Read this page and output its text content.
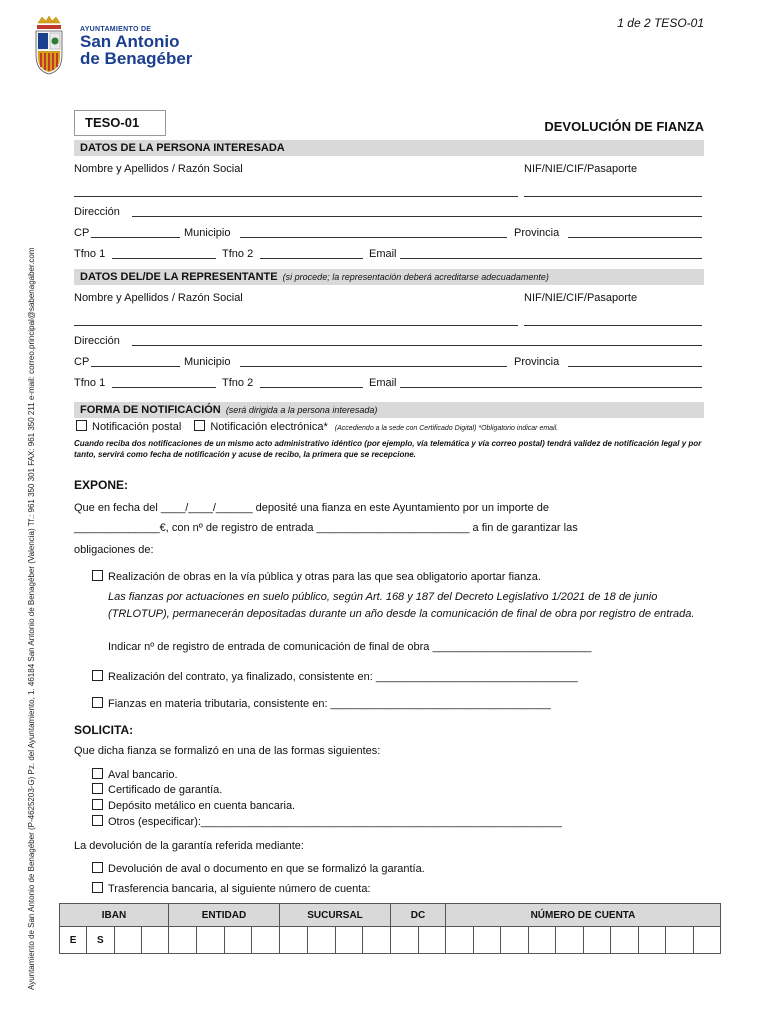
Ayuntamiento de San Antonio de Benagéber (P-4625203-G) Pz. del Ayuntamiento, 1. 46184 San Antonio de Benagéber (Valencia) Tf.: 961 350 301 FAX: 961 350 211 e-mail: correo.principal@sabenagaber.com
AYUNTAMIENTO DE
San Antonio
de Benagéber
1 de 2 TESO-01
TESO-01	DEVOLUCIÓN DE FIANZA
DATOS DE LA PERSONA INTERESADA
Nombre y Apellidos / Razón Social	NIF/NIE/CIF/Pasaporte
Dirección
CP	Municipio	Provincia
Tfno 1	Tfno 2	Email
DATOS DEL/DE LA REPRESENTANTE (si procede; la representación deberá acreditarse adecuadamente)
Nombre y Apellidos / Razón Social	NIF/NIE/CIF/Pasaporte
Dirección
CP	Municipio	Provincia
Tfno 1	Tfno 2	Email
FORMA DE NOTIFICACIÓN (será dirigida a la persona interesada)
Notificación postal	Notificación electrónica* (Accediendo a la sede con Certificado Digital) *Obligatorio indicar email.
Cuando reciba dos notificaciones de un mismo acto administrativo idéntico (por ejemplo, vía telemática y vía correo postal) tendrá validez de notificación legal y por tanto, servirá como fecha de notificación y acuse de recibo, la primera que se recepcione.
EXPONE:
Que en fecha del ____/____/______ deposité una fianza en este Ayuntamiento por un importe de
______________€, con nº de registro de entrada _________________________ a fin de garantizar las
obligaciones de:
Realización de obras en la vía pública y otras para las que sea obligatorio aportar fianza.
Las fianzas por actuaciones en suelo público, según Art. 168 y 187 del Decreto Legislativo 1/2021 de 18 de junio (TRLOTUP), permanecerán depositadas durante un año desde la comunicación de final de obra por registro de entrada.
Indicar nº de registro de entrada de comunicación de final de obra __________________________
Realización del contrato, ya finalizado, consistente en: _________________________________
Fianzas en materia tributaria, consistente en: ____________________________________
SOLICITA:
Que dicha fianza se formalizó en una de las formas siguientes:
Aval bancario.
Certificado de garantía.
Depósito metálico en cuenta bancaria.
Otros (especificar):___________________________________________________________
La devolución de la garantía referida mediante:
Devolución de aval o documento en que se formalizó la garantía.
Trasferencia bancaria, al siguiente número de cuenta:
IBAN				ENTIDAD				SUCURSAL				DC		NÚMERO DE CUENTA									
E	S																						
